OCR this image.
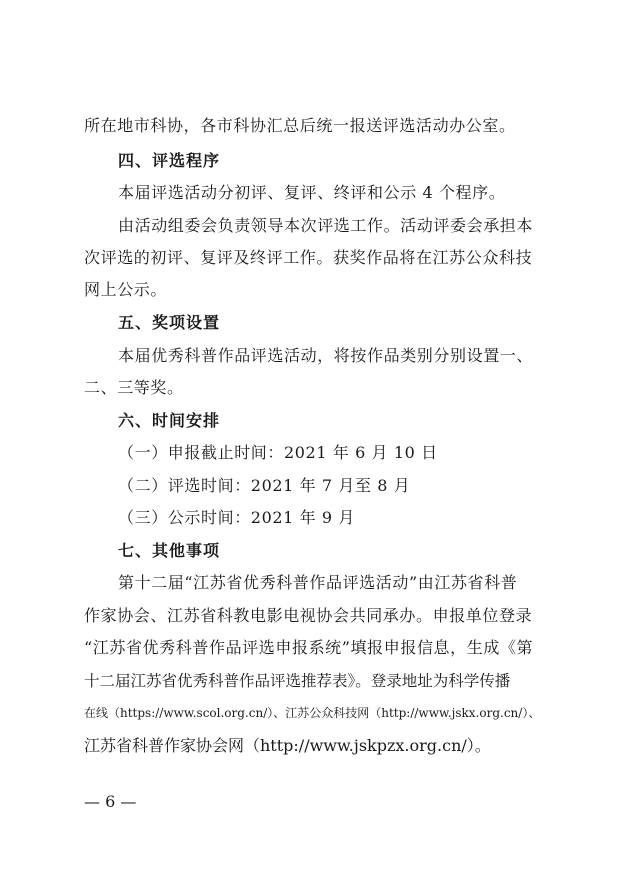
所在地市科协，各市科协汇总后统一报送评选活动办公室。
四、评选程序
本届评选活动分初评、复评、终评和公示 4 个程序。
由活动组委会负责领导本次评选工作。活动评委会承担本
次评选的初评、复评及终评工作。获奖作品将在江苏公众科技
网上公示。
五、奖项设置
本届优秀科普作品评选活动，将按作品类别分别设置一、
二、三等奖。
六、时间安排
（一）申报截止时间：2021 年 6 月 10 日
（二）评选时间：2021 年 7 月至 8 月
（三）公示时间：2021 年 9 月
七、其他事项
第十二届“江苏省优秀科普作品评选活动”由江苏省科普
作家协会、江苏省科教电影电视协会共同承办。申报单位登录
“江苏省优秀科普作品评选申报系统”填报申报信息，生成《第
十二届江苏省优秀科普作品评选推荐表》。登录地址为科学传播
在线（https://www.scol.org.cn/）、江苏公众科技网（http://www.jskx.org.cn/）、
江苏省科普作家协会网（http://www.jskpzx.org.cn/）。
— 6 —
